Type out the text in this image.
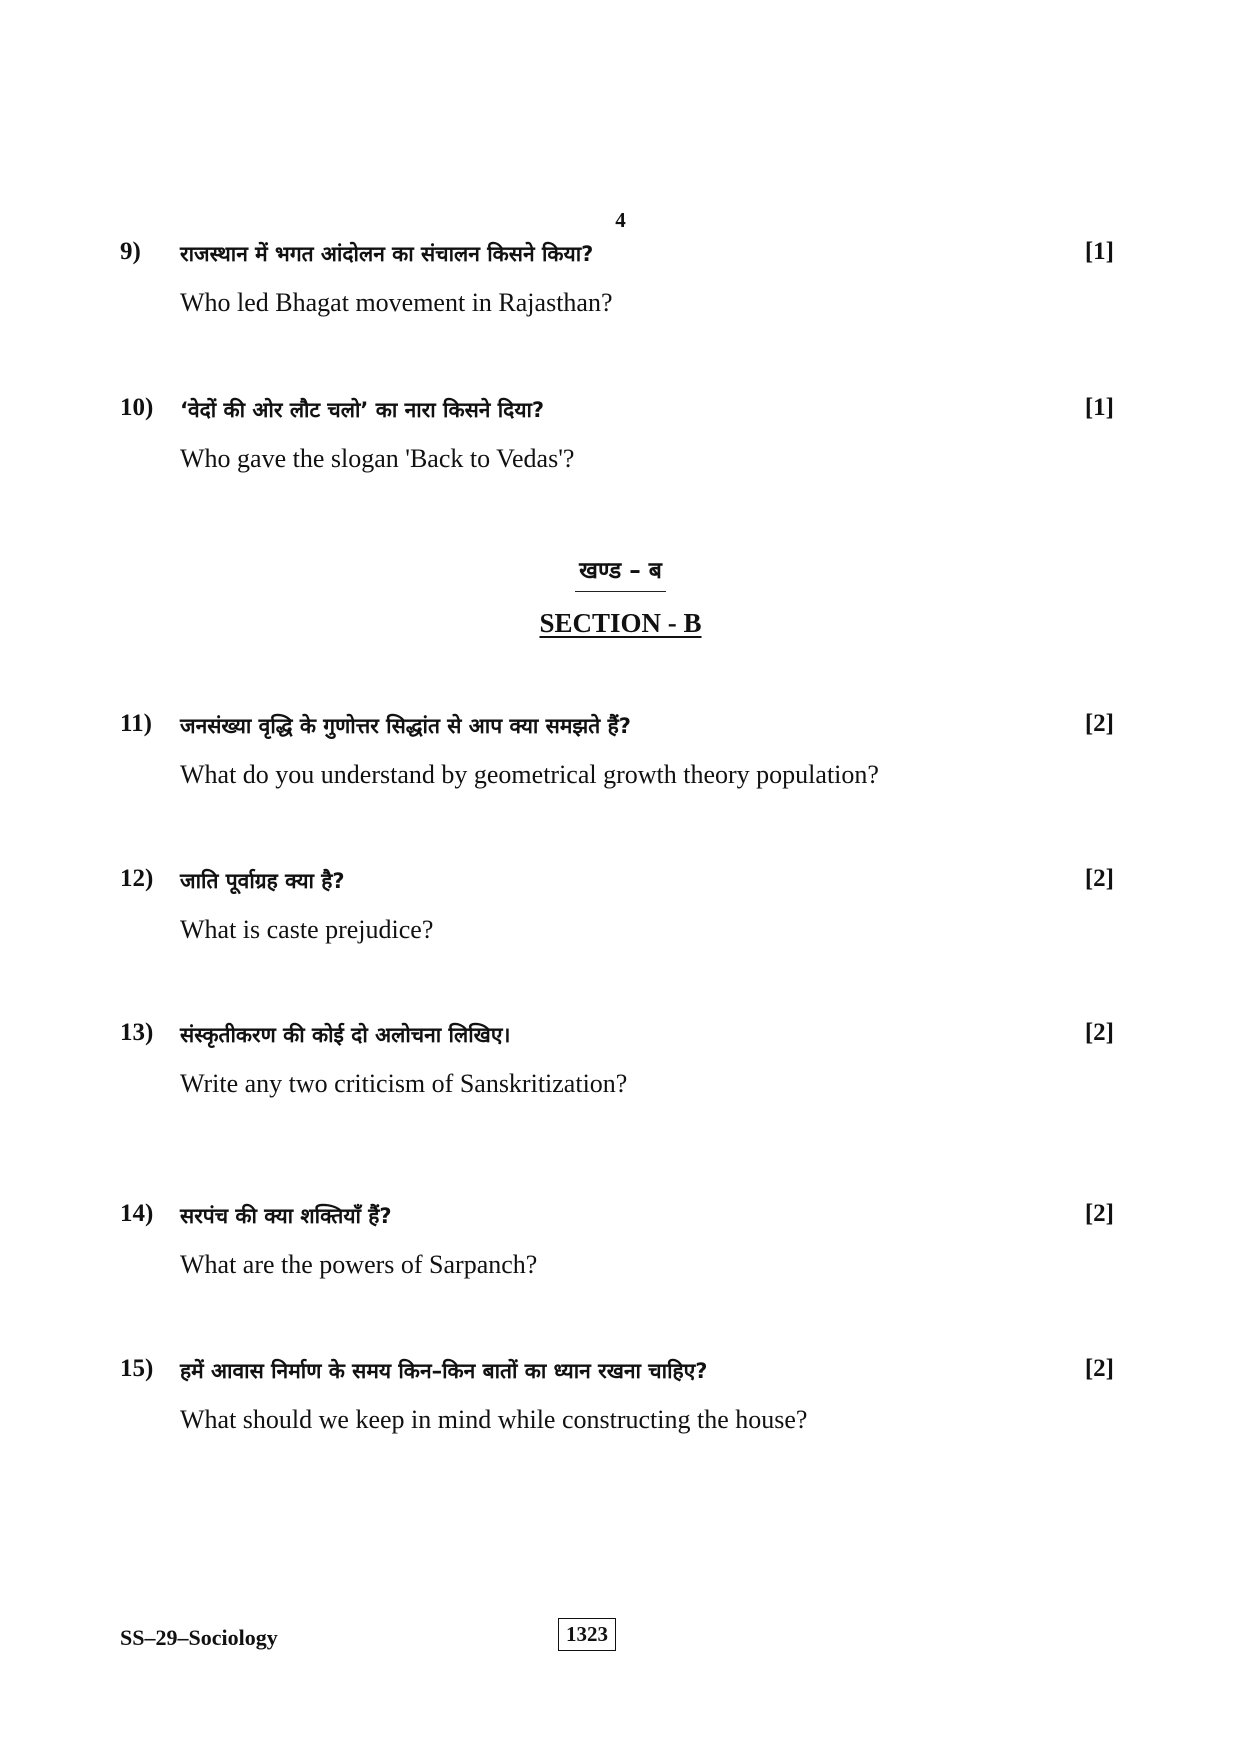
4
9) राजस्थान में भगत आंदोलन का संचालन किसने किया?	[1]
Who led Bhagat movement in Rajasthan?
10) ‘वेदों की ओर लौट चलो’ का नारा किसने दिया?	[1]
Who gave the slogan 'Back to Vedas'?
खण्ड – ब
SECTION - B
11) जनसंख्या वृद्धि के गुणोत्तर सिद्धांत से आप क्या समझते हैं?	[2]
What do you understand by geometrical growth theory population?
12) जाति पूर्वाग्रह क्या है?	[2]
What is caste prejudice?
13) संस्कृतीकरण की कोई दो अलोचना लिखिए।	[2]
Write any two criticism of Sanskritization?
14) सरपंच की क्या शक्तियाँ हैं?	[2]
What are the powers of Sarpanch?
15) हमें आवास निर्माण के समय किन–किन बातों का ध्यान रखना चाहिए?	[2]
What should we keep in mind while constructing the house?
SS–29–Sociology	1323
